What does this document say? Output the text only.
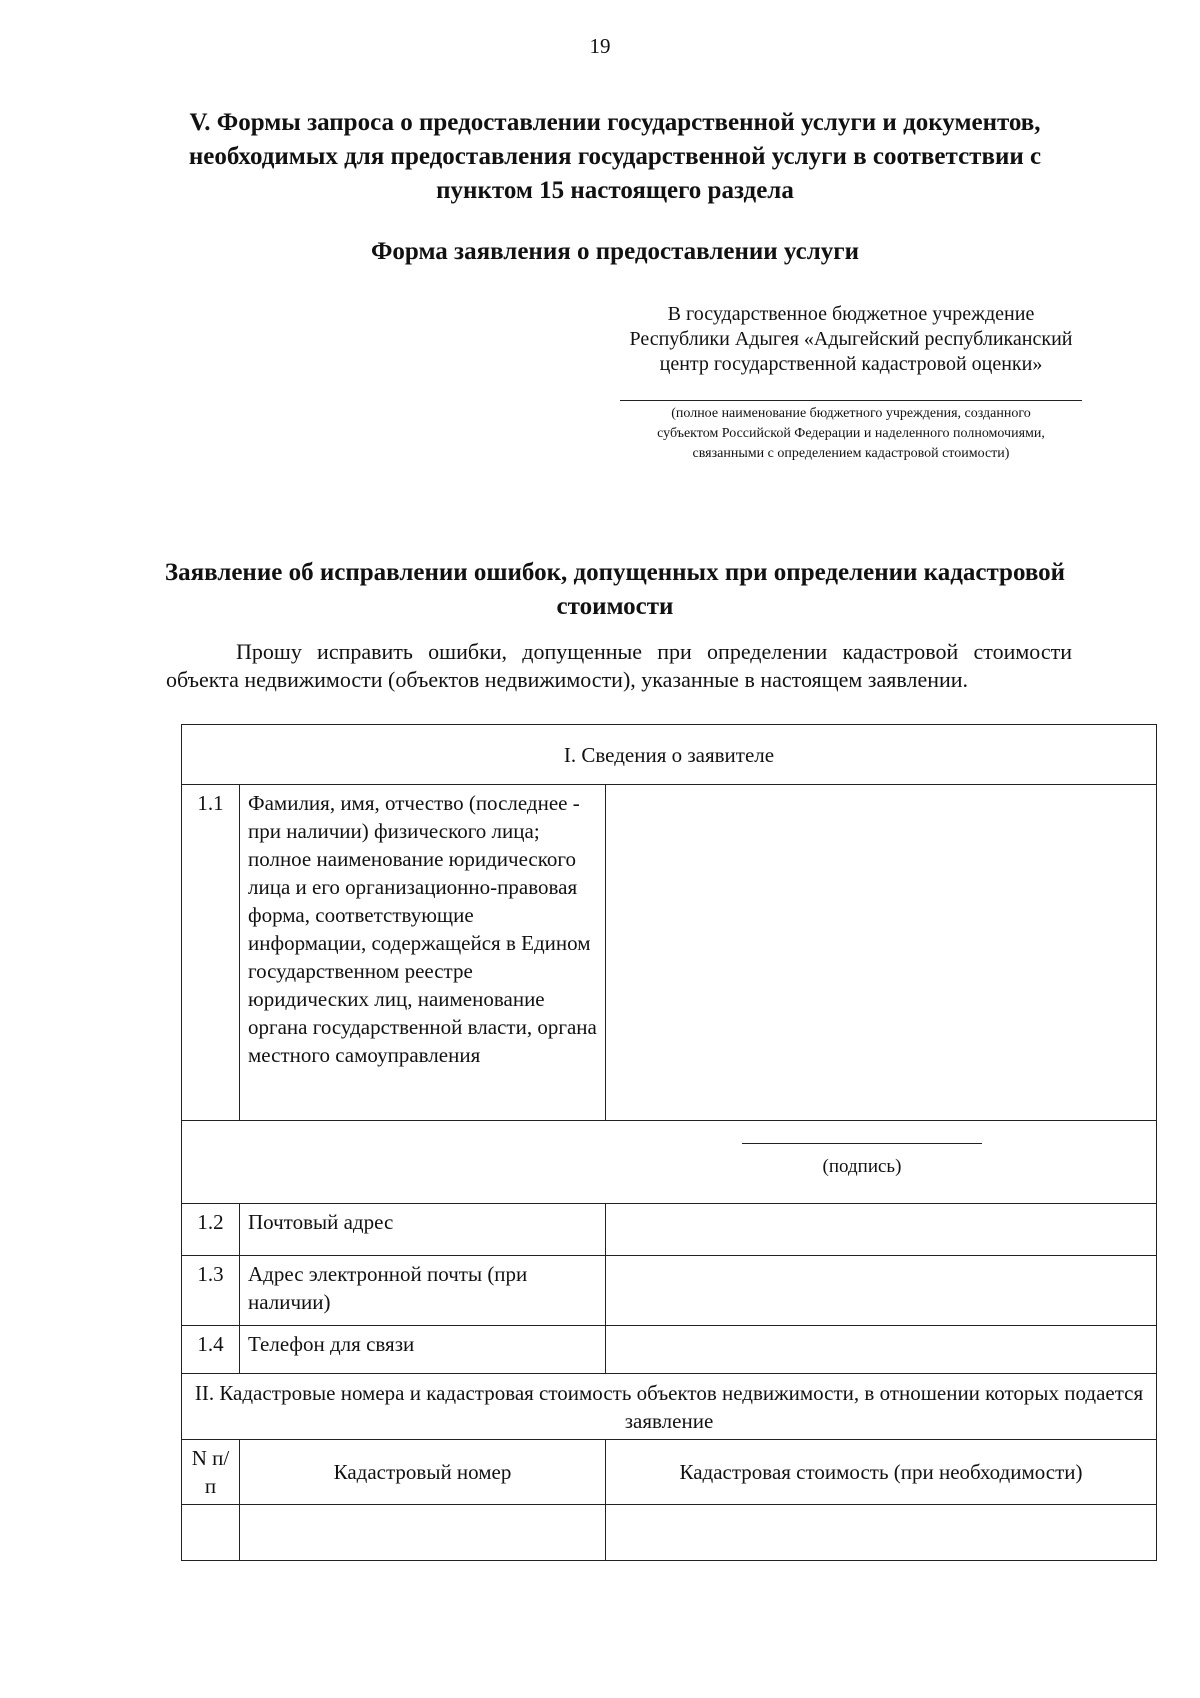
19
V. Формы запроса о предоставлении государственной услуги и документов, необходимых для предоставления государственной услуги в соответствии с пунктом 15 настоящего раздела
Форма заявления о предоставлении услуги
В государственное бюджетное учреждение Республики Адыгея «Адыгейский республиканский центр государственной кадастровой оценки»
(полное наименование бюджетного учреждения, созданного субъектом Российской Федерации и наделенного полномочиями, связанными с определением кадастровой стоимости)
Заявление об исправлении ошибок, допущенных при определении кадастровой стоимости

Прошу исправить ошибки, допущенные при определении кадастровой стоимости объекта недвижимости (объектов недвижимости), указанные в настоящем заявлении.

I. Сведения о заявителе		
1.1	Фамилия, имя, отчество (последнее - при наличии) физического лица; полное наименование юридического лица и его организационно-правовая форма, соответствующие информации, содержащейся в Едином государственном реестре юридических лиц, наименование органа государственной власти, органа местного самоуправления	

(подпись)		

1.2	Почтовый адрес	
1.3	Адрес электронной почты (при наличии)	
1.4	Телефон для связи	
II. Кадастровые номера и кадастровая стоимость объектов недвижимости, в отношении которых подается заявление		
N п/п	Кадастровый номер	Кадастровая стоимость (при необходимости)
